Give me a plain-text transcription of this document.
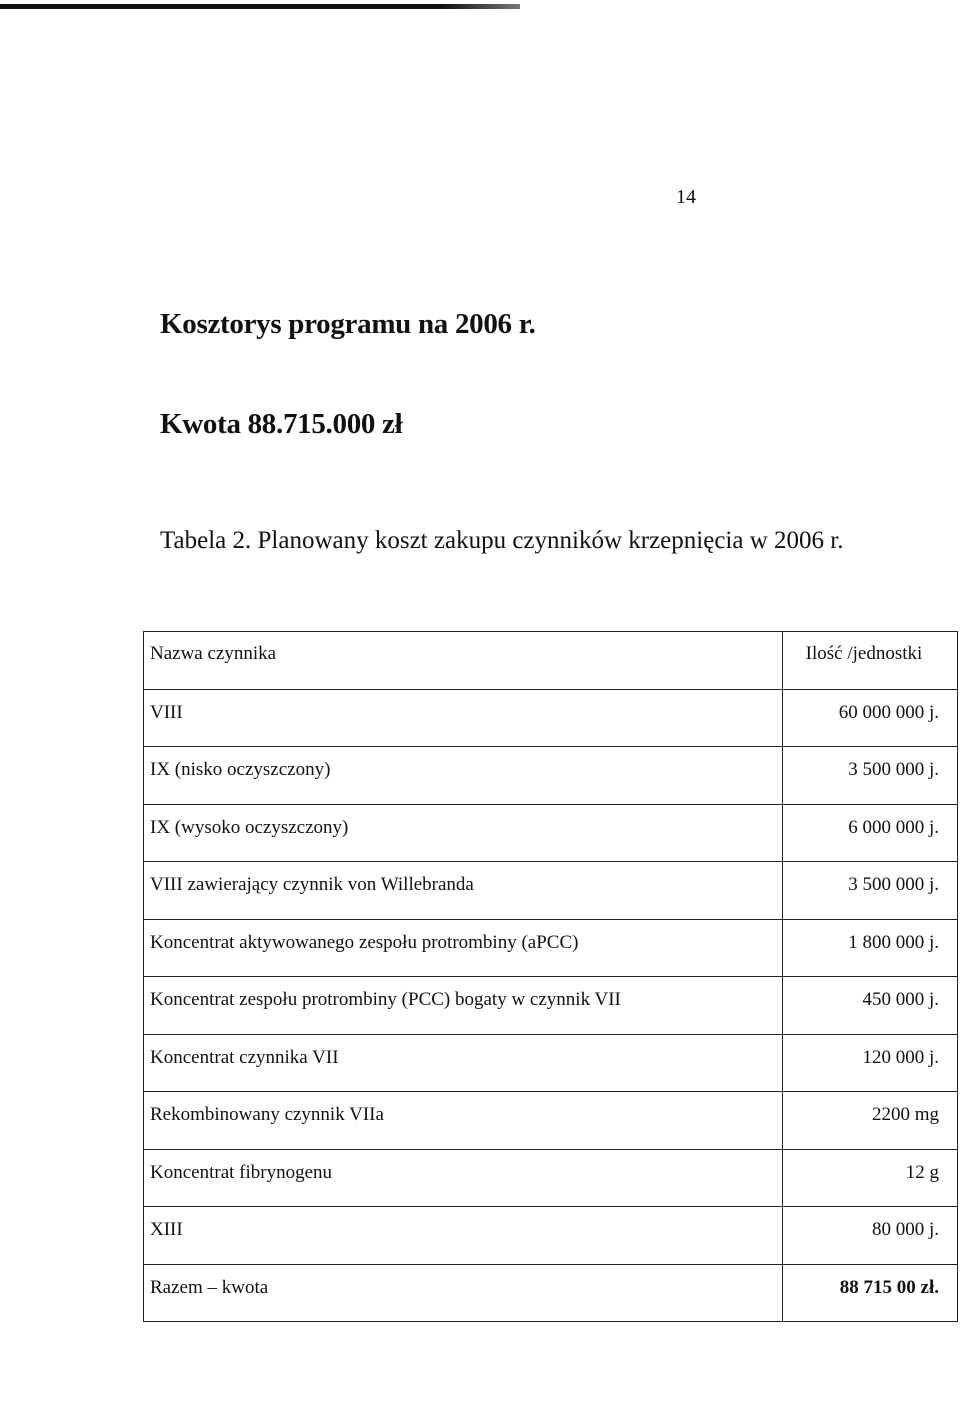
14
Kosztorys programu na 2006 r.
Kwota 88.715.000 zł
Tabela 2. Planowany koszt zakupu czynników krzepnięcia w 2006 r.
Nazwa czynnika	Ilość /jednostki

VIII	60 000 000 j.

IX (nisko oczyszczony)	3 500 000 j.

IX (wysoko oczyszczony)	6 000 000 j.

VIII zawierający czynnik von Willebranda	3 500 000 j.

Koncentrat aktywowanego zespołu protrombiny (aPCC)	1 800 000 j.

Koncentrat zespołu protrombiny (PCC) bogaty w czynnik VII	450 000 j.

Koncentrat czynnika VII	120 000 j.

Rekombinowany czynnik VIIa	2200 mg

Koncentrat fibrynogenu	12 g

XIII	80 000 j.

Razem – kwota	88 715 00 zł.
